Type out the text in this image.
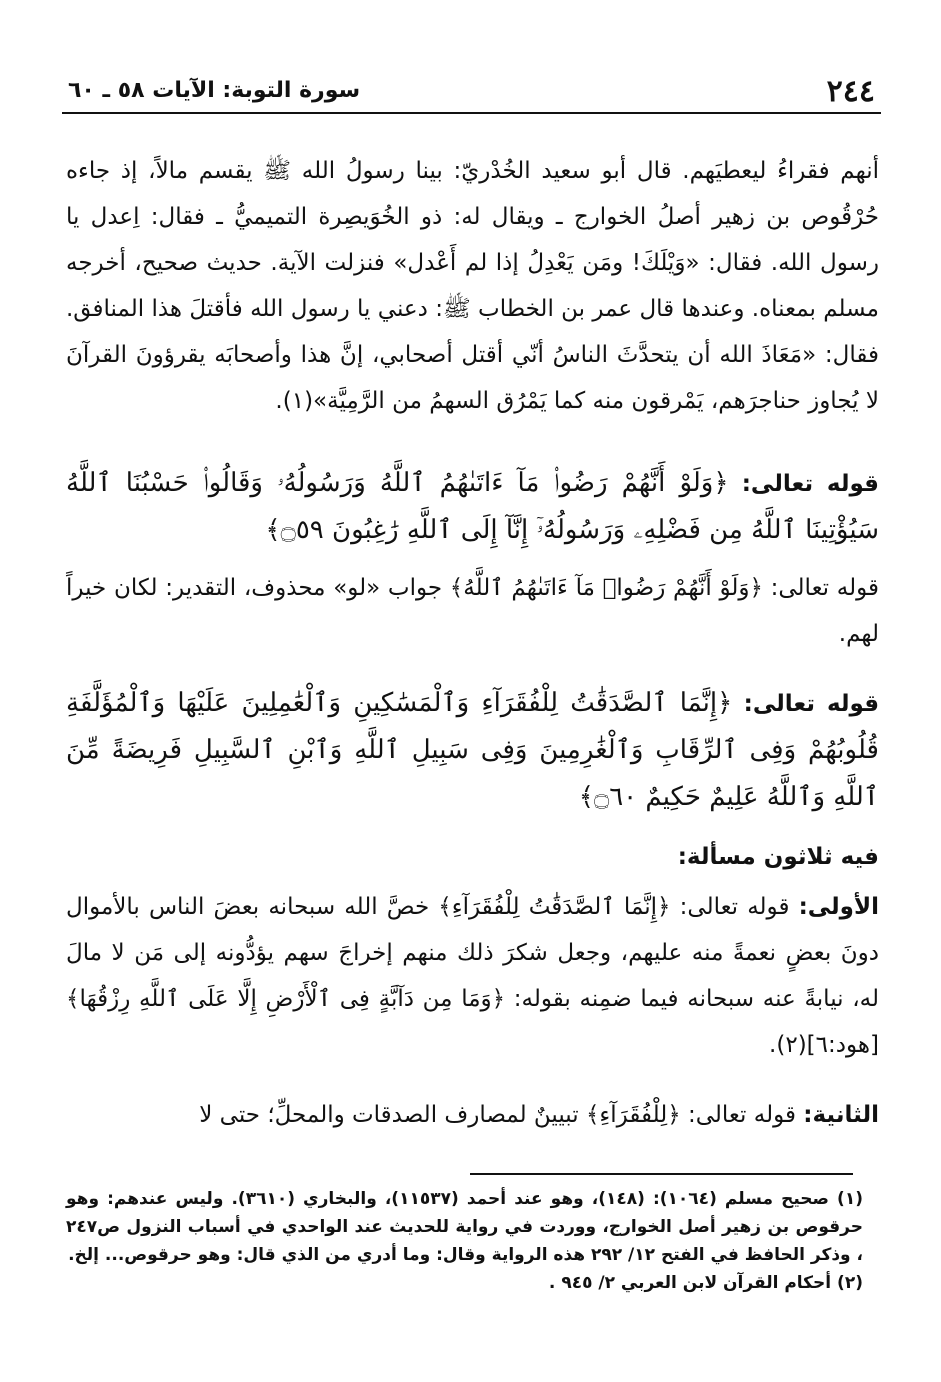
٢٤٤
سورة التوبة: الآيات ٥٨ ـ ٦٠

أنهم فقراءُ ليعطيَهم. قال أبو سعيد الخُدْريّ: بينا رسولُ الله ﷺ يقسم مالاً، إذ جاءه حُرْقُوص بن زهير أصلُ الخوارج ـ ويقال له: ذو الخُوَيصِرة التميميُّ ـ فقال: اِعدل يا رسول الله. فقال: «وَيْلَكَ! ومَن يَعْدِلُ إذا لم أَعْدل» فنزلت الآية. حديث صحيح، أخرجه مسلم بمعناه. وعندها قال عمر بن الخطاب ﷺ: دعني يا رسول الله فأقتلَ هذا المنافق. فقال: «مَعَاذَ الله أن يتحدَّثَ الناسُ أنّي أقتل أصحابي، إنَّ هذا وأصحابَه يقرؤونَ القرآنَ لا يُجاوز حناجرَهم، يَمْرقون منه كما يَمْرُق السهمُ من الرَّمِيَّة»(١).

قوله تعالى: ﴿وَلَوْ أَنَّهُمْ رَضُوا۟ مَآ ءَاتَىٰهُمُ ٱللَّهُ وَرَسُولُهُۥ وَقَالُوا۟ حَسْبُنَا ٱللَّهُ سَيُؤْتِينَا ٱللَّهُ مِن فَضْلِهِۦ وَرَسُولُهُۥٓ إِنَّآ إِلَى ٱللَّهِ رَٰغِبُونَ ۝٥٩﴾

قوله تعالى: ﴿وَلَوْ أَنَّهُمْ رَضُوا۟ مَآ ءَاتَىٰهُمُ ٱللَّهُ﴾ جواب «لو» محذوف، التقدير: لكان خيراً لهم.

قوله تعالى: ﴿إِنَّمَا ٱلصَّدَقَٰتُ لِلْفُقَرَآءِ وَٱلْمَسَٰكِينِ وَٱلْعَٰمِلِينَ عَلَيْهَا وَٱلْمُؤَلَّفَةِ قُلُوبُهُمْ وَفِى ٱلرِّقَابِ وَٱلْغَٰرِمِينَ وَفِى سَبِيلِ ٱللَّهِ وَٱبْنِ ٱلسَّبِيلِ فَرِيضَةً مِّنَ ٱللَّهِ وَٱللَّهُ عَلِيمٌ حَكِيمٌ ۝٦٠﴾

فيه ثلاثون مسألة:

الأولى: قوله تعالى: ﴿إِنَّمَا ٱلصَّدَقَٰتُ لِلْفُقَرَآءِ﴾ خصَّ الله سبحانه بعضَ الناس بالأموال دونَ بعضٍ نعمةً منه عليهم، وجعل شكرَ ذلك منهم إخراجَ سهم يؤدُّونه إلى مَن لا مالَ له، نيابةً عنه سبحانه فيما ضمِنه بقوله: ﴿وَمَا مِن دَآبَّةٍ فِى ٱلْأَرْضِ إِلَّا عَلَى ٱللَّهِ رِزْقُهَا﴾ [هود:٦](٢).

الثانية: قوله تعالى: ﴿لِلْفُقَرَآءِ﴾ تبيينٌ لمصارف الصدقات والمحلِّ؛ حتى لا

(١) صحيح مسلم (١٠٦٤): (١٤٨)، وهو عند أحمد (١١٥٣٧)، والبخاري (٣٦١٠). وليس عندهم: وهو حرقوص بن زهير أصل الخوارج، ووردت في رواية للحديث عند الواحدي في أسباب النزول ص٢٤٧ ، وذكر الحافظ في الفتح ١٢/ ٢٩٢ هذه الرواية وقال: وما أدري من الذي قال: وهو حرقوص... إلخ.

(٢) أحكام القرآن لابن العربي ٢/ ٩٤٥ .
